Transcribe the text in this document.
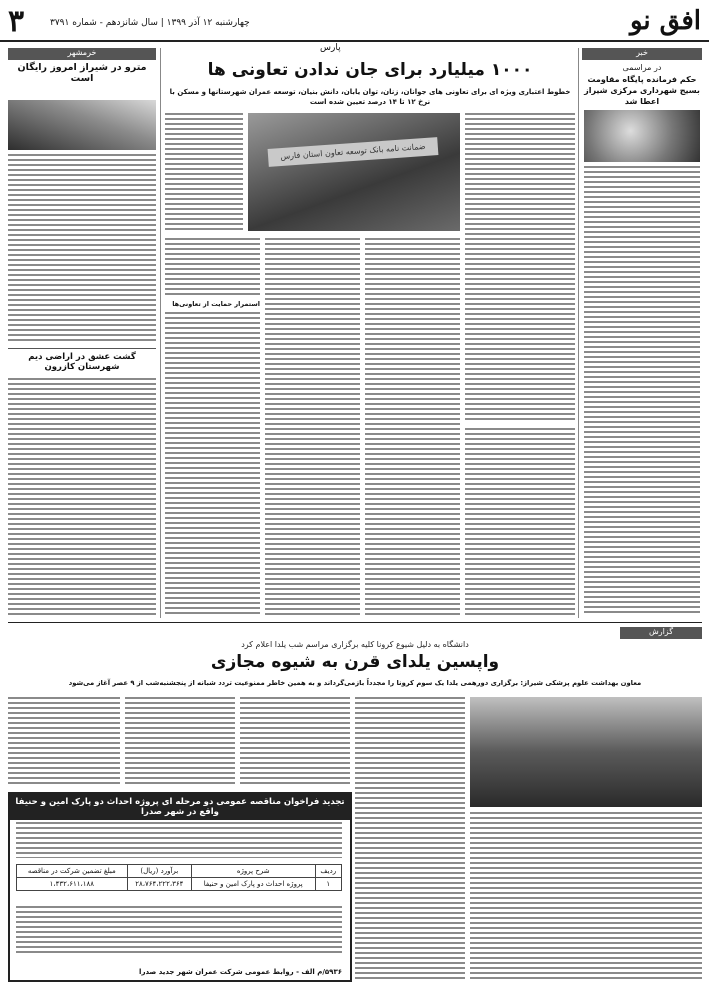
افق نو
۳	چهارشنبه ۱۲ آذر ۱۳۹۹ | سال شانزدهم - شماره ۳۷۹۱
پارس
خرمشهر
مترو در شیراز امروز رایگان است
گشت عشق در اراضی دیم شهرستان کازرون
۱۰۰۰ میلیارد برای جان ندادن تعاونی ها
خطوط اعتباری ویژه ای برای تعاونی های جوانان، زنان، توان یابان، دانش بنیان، توسعه عمران شهرستانها و مسکن با نرخ ۱۲ تا ۱۴ درصد تعیین شده است
ضمانت نامه بانک توسعه تعاون استان فارس
استمرار حمایت از تعاونی‌ها
خبر
در مراسمی
حکم فرمانده پایگاه مقاومت بسیج شهرداری مرکزی شیراز اعطا شد
گزارش
دانشگاه به دلیل شیوع کرونا کلیه برگزاری مراسم شب یلدا اعلام کرد
واپسین یلدای قرن به شیوه مجازی
معاون بهداشت علوم پزشکی شیراز: برگزاری دورهمی یلدا یک سوم کرونا را مجدداً بازمی‌گرداند و به همین خاطر ممنوعیت تردد شبانه از پنجشنبه‌شب از ۹ عصر آغاز می‌شود
تجدید فراخوان مناقصه عمومی دو مرحله ای پروژه احداث دو پارک امین و حنیفا واقع در شهر صدرا
ردیف	شرح پروژه	برآورد (ریال)	مبلغ تضمین شرکت در مناقصه
۱	پروژه احداث دو پارک امین و حنیفا	۲۸،۷۶۴،۲۲۲،۳۶۴	۱،۴۳۲،۶۱۱،۱۸۸
۵۹۳۶/م الف - روابط عمومی شرکت عمران شهر جدید صدرا
